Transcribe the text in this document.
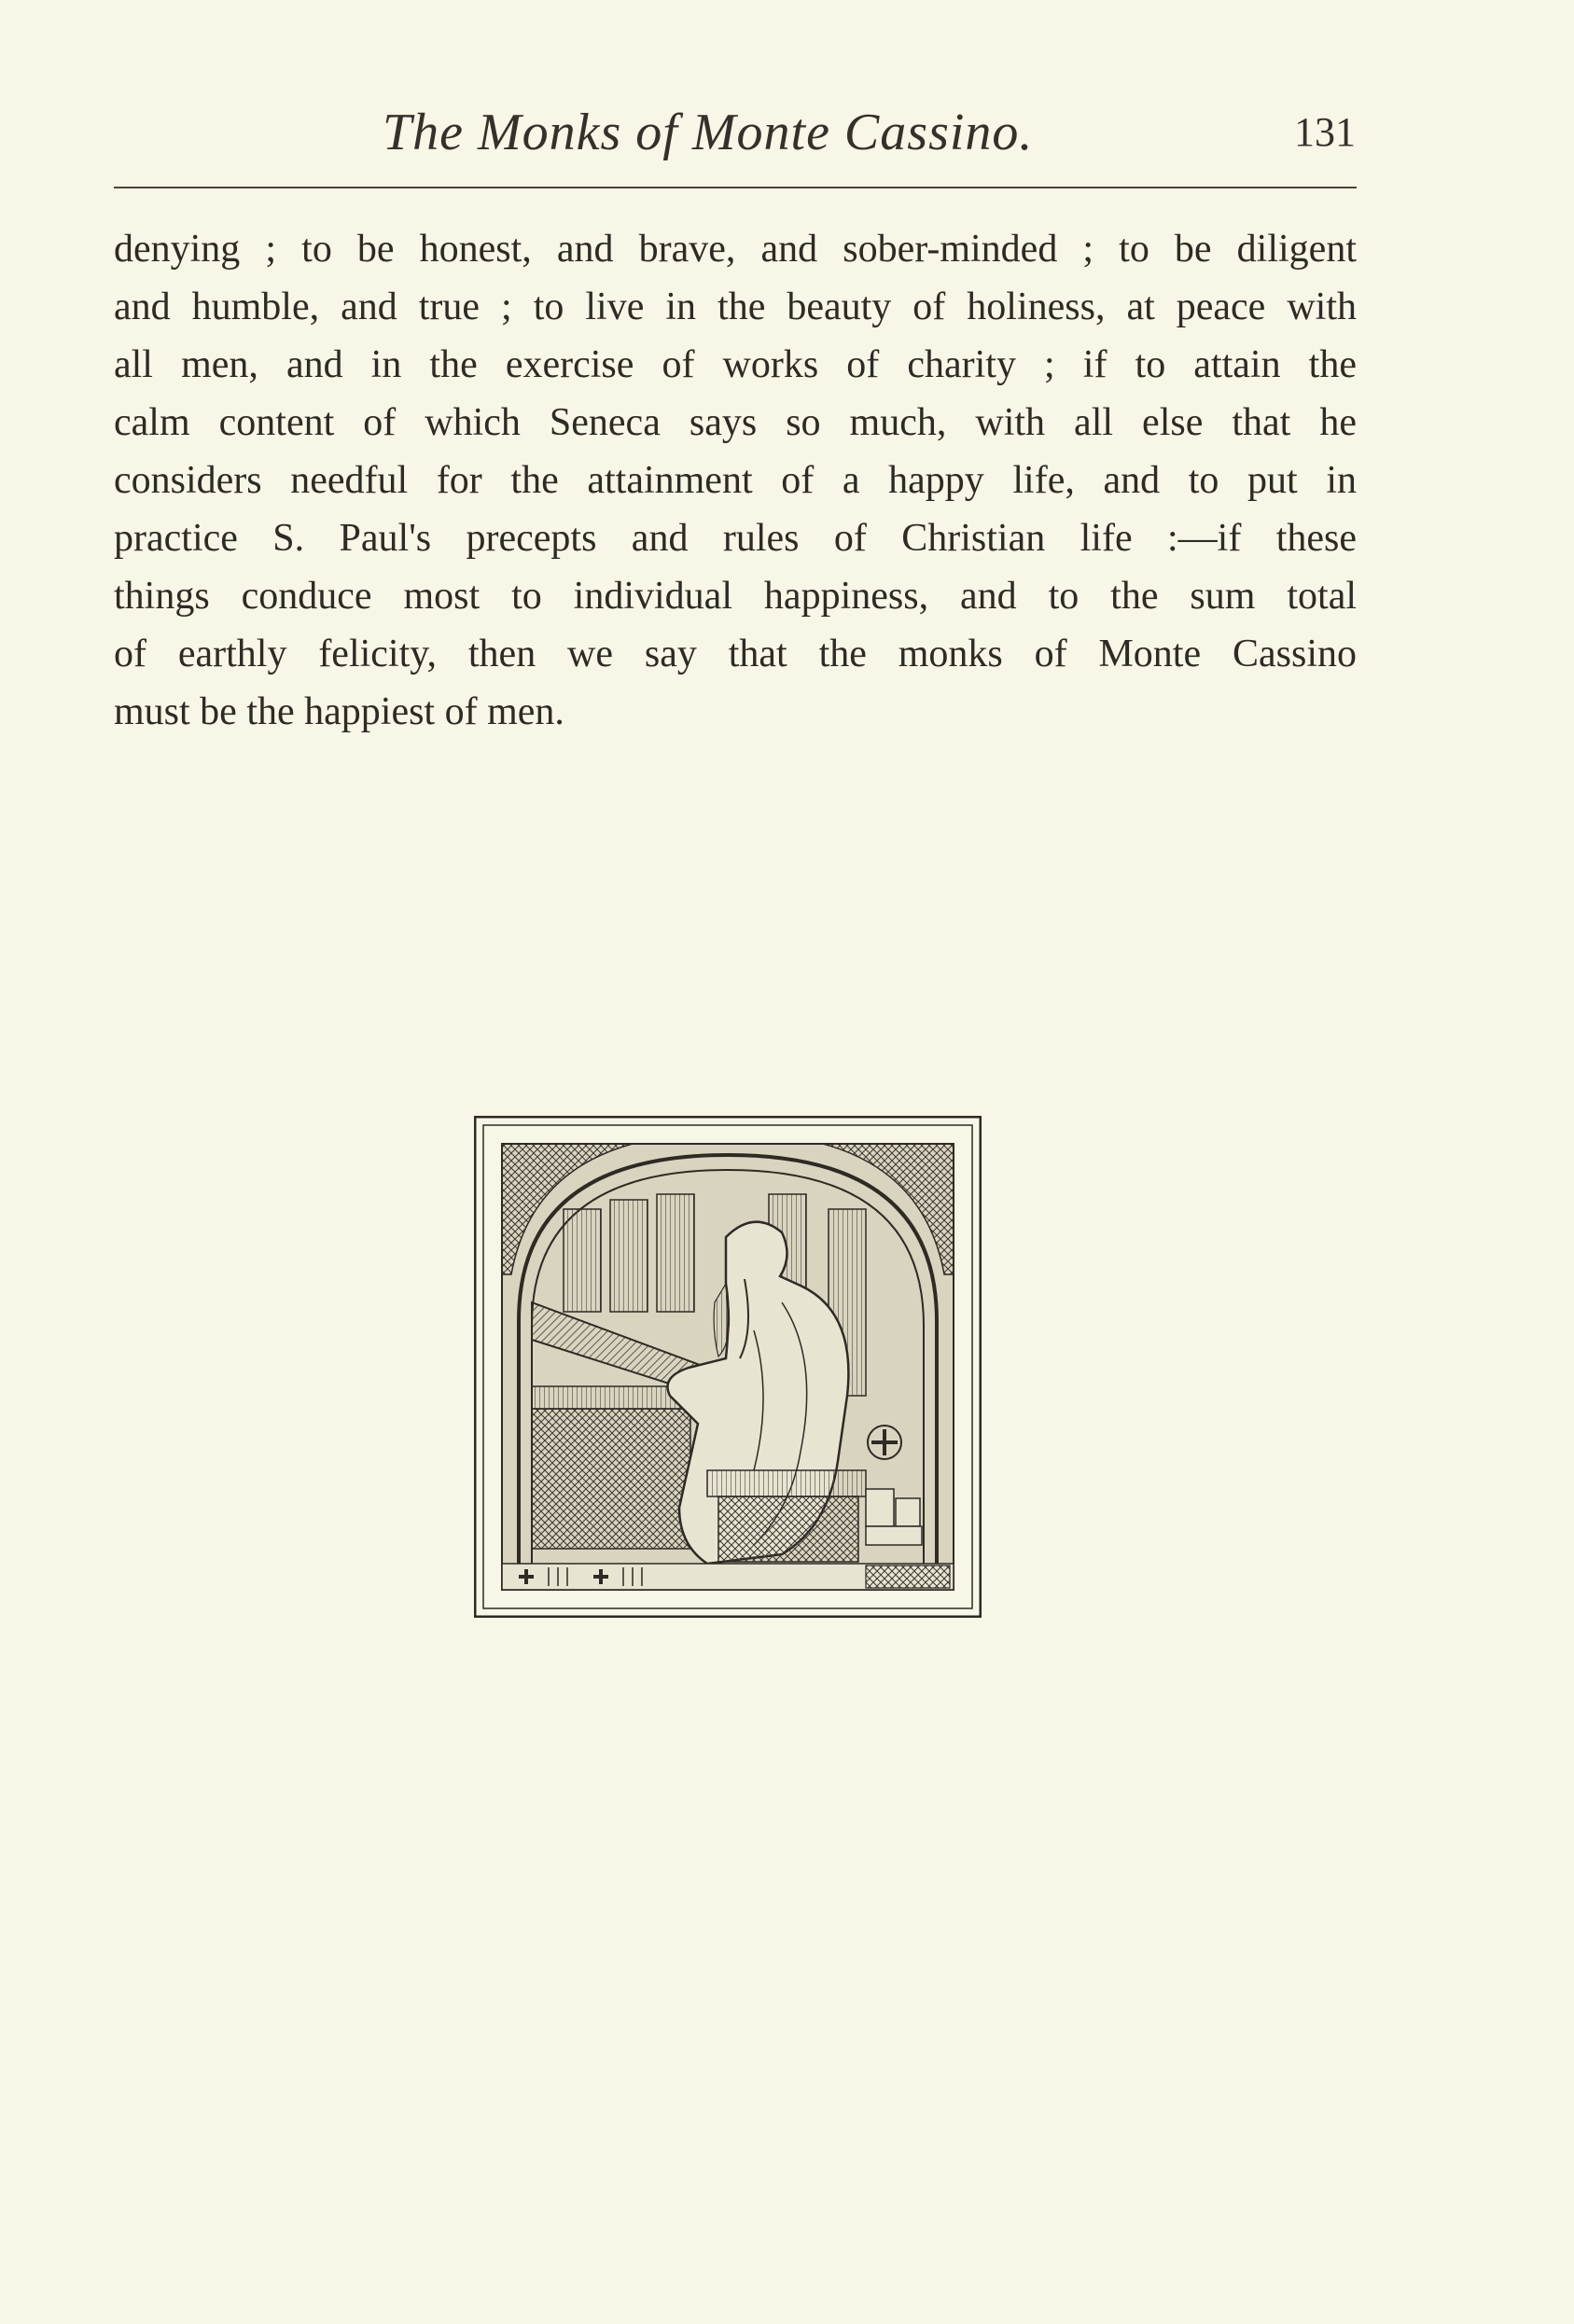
The Monks of Monte Cassino.	131
denying ; to be honest, and brave, and sober-minded ; to be diligent
and humble, and true ; to live in the beauty of holiness, at peace with
all men, and in the exercise of works of charity ; if to attain the
calm content of which Seneca says so much, with all else that he
considers needful for the attainment of a happy life, and to put in
practice S. Paul's precepts and rules of Christian life :—if these
things conduce most to individual happiness, and to the sum total
of earthly felicity, then we say that the monks of Monte Cassino
must be the happiest of men.
